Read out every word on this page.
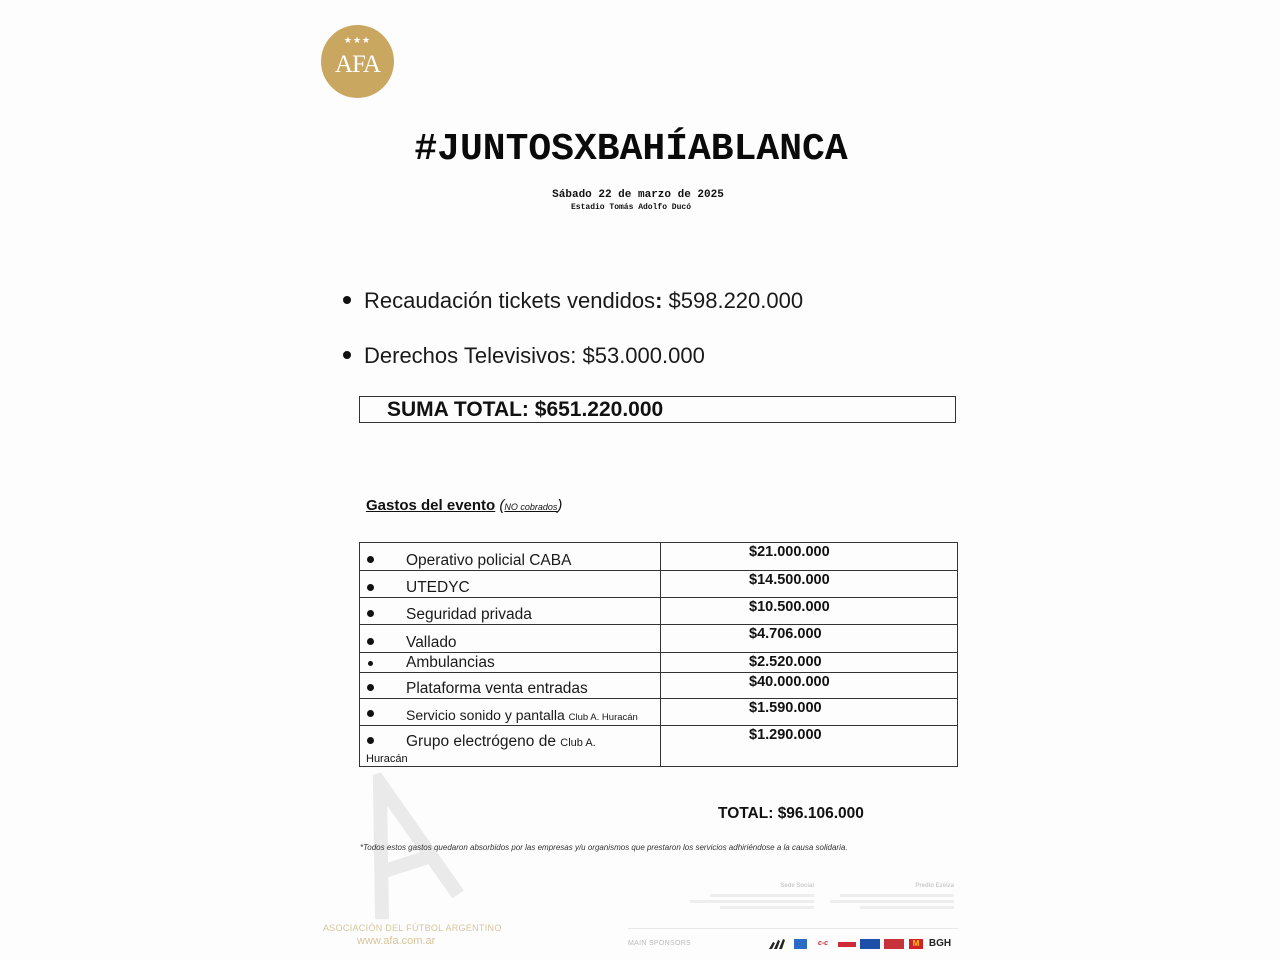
★★★
AFA
#JUNTOSXBAHÍABLANCA
Sábado 22 de marzo de 2025
Estadio Tomás Adolfo Ducó
Recaudación tickets vendidos: $598.220.000
Derechos Televisivos: $53.000.000
SUMA TOTAL: $651.220.000
Gastos del evento (NO cobrados)
Operativo policial CABA	$21.000.000

UTEDYC	$14.500.000

Seguridad privada	$10.500.000

Vallado	$4.706.000

Ambulancias	$2.520.000

Plataforma venta entradas	$40.000.000

Servicio sonido y pantalla Club A. Huracán	$1.590.000

Grupo electrógeno de Club A.
Huracán	$1.290.000
TOTAL: $96.106.000
*Todos estos gastos quedaron absorbidos por las empresas y/u organismos que prestaron los servicios adhiriéndose a la causa solidaria.
ASOCIACIÓN DEL FÚTBOL ARGENTINO
www.afa.com.ar
Sede Social	Predio Ezeiza
MAIN SPONSORS	c-c	M BGH
